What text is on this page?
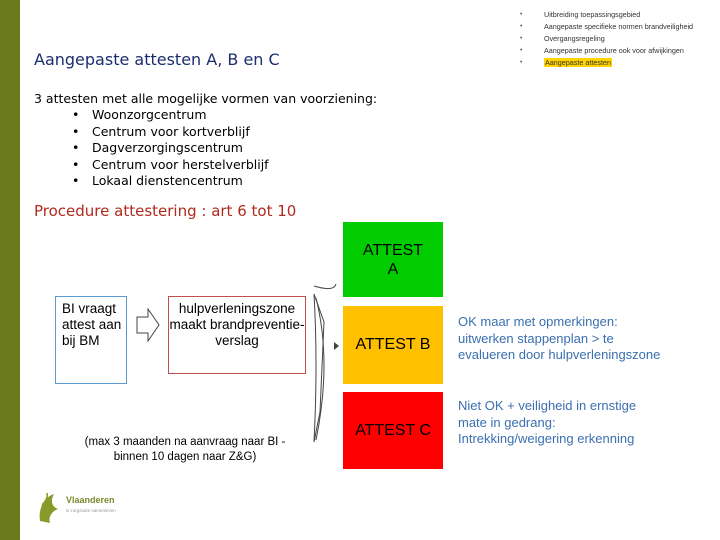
Aangepaste attesten A, B en C
•	Uitbreiding toepassingsgebied
•	Aangepaste specifieke normen brandveiligheid
•	Overgangsregeling
•	Aangepaste procedure ook voor afwijkingen
•	Aangepaste attesten
3 attesten met alle mogelijke vormen van voorziening:
• Woonzorgcentrum
• Centrum voor kortverblijf
• Dagverzorgingscentrum
• Centrum voor herstelverblijf
• Lokaal dienstencentrum
Procedure attestering : art 6 tot 10
BI vraagt attest aan bij BM
hulpverleningszone maakt brandpreventie-verslag
ATTEST
A
ATTEST B
ATTEST C
OK de voorziening voldoet
OK maar met opmerkingen:
uitwerken stappenplan > te
evalueren door hulpverleningszone
Niet OK + veiligheid in ernstige
mate in gedrang:
Intrekking/weigering erkenning
(max 3 maanden na aanvraag naar BI -
binnen 10 dagen naar Z&G)
Vlaanderen
is zorgzaam samenleven
